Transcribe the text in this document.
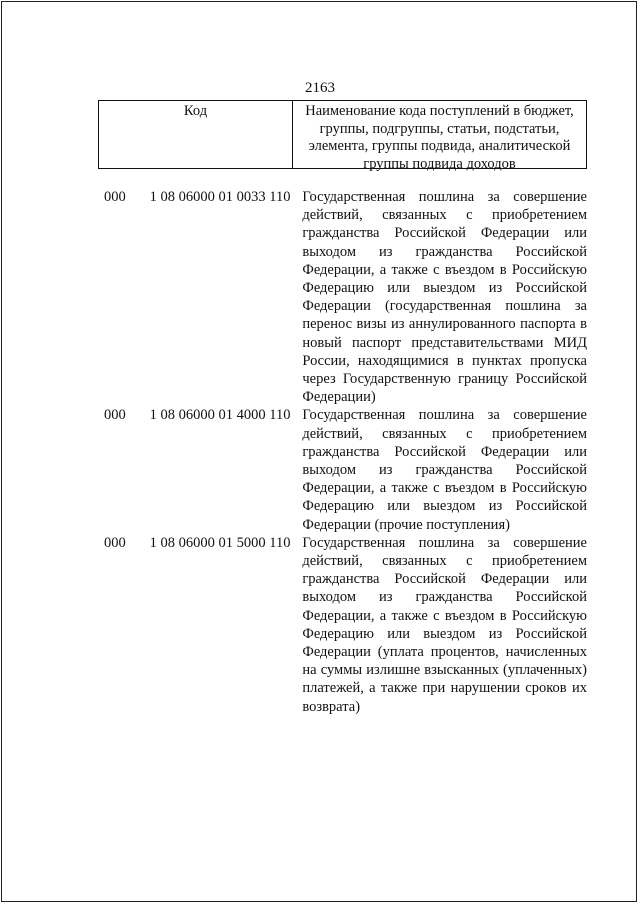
2163
Код	Наименование кода поступлений в бюджет,
группы, подгруппы, статьи, подстатьи,
элемента, группы подвида, аналитической
группы подвида доходов
000	1 08 06000 01 0033 110 Государственная пошлина за совершение
действий, связанных с приобретением
гражданства Российской Федерации или
выходом из гражданства Российской
Федерации, а также с въездом в Российскую
Федерацию или выездом из Российской
Федерации (государственная пошлина за
перенос визы из аннулированного паспорта в
новый паспорт представительствами МИД
России, находящимися в пунктах пропуска
через Государственную границу Российской
Федерации)
000	1 08 06000 01 4000 110 Государственная пошлина за совершение
действий, связанных с приобретением
гражданства Российской Федерации или
выходом из гражданства Российской
Федерации, а также с въездом в Российскую
Федерацию или выездом из Российской
Федерации (прочие поступления)
000	1 08 06000 01 5000 110 Государственная пошлина за совершение
действий, связанных с приобретением
гражданства Российской Федерации или
выходом из гражданства Российской
Федерации, а также с въездом в Российскую
Федерацию или выездом из Российской
Федерации (уплата процентов, начисленных
на суммы излишне взысканных (уплаченных)
платежей, а также при нарушении сроков их
возврата)
